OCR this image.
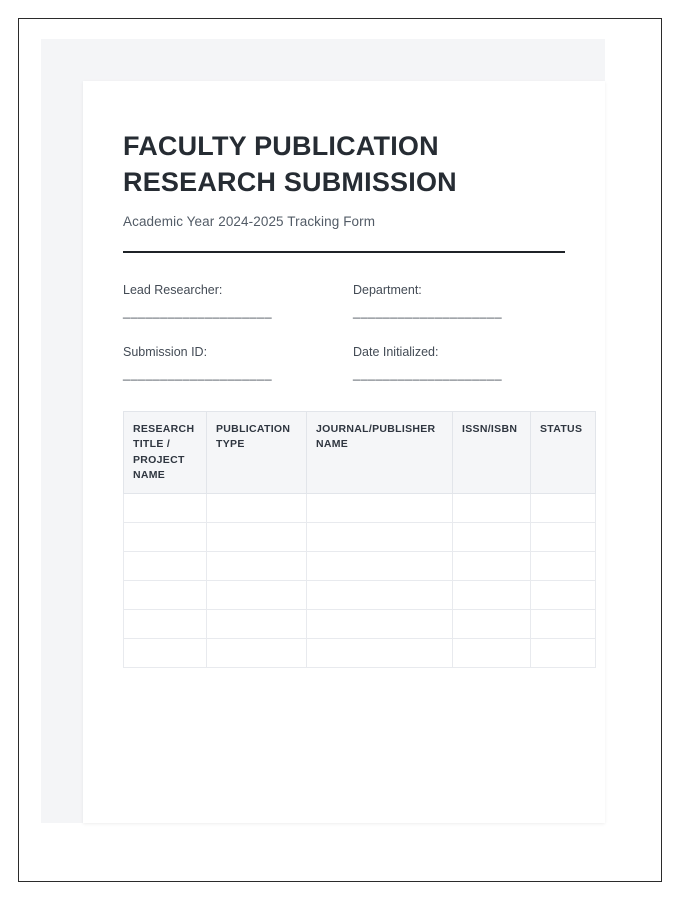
FACULTY PUBLICATION RESEARCH SUBMISSION
Academic Year 2024-2025 Tracking Form
Lead Researcher:
____________________
Department:
____________________
Submission ID:
____________________
Date Initialized:
____________________
RESEARCH TITLE / PROJECT NAME	PUBLICATION TYPE	JOURNAL/PUBLISHER NAME	ISSN/ISBN	STATUS
